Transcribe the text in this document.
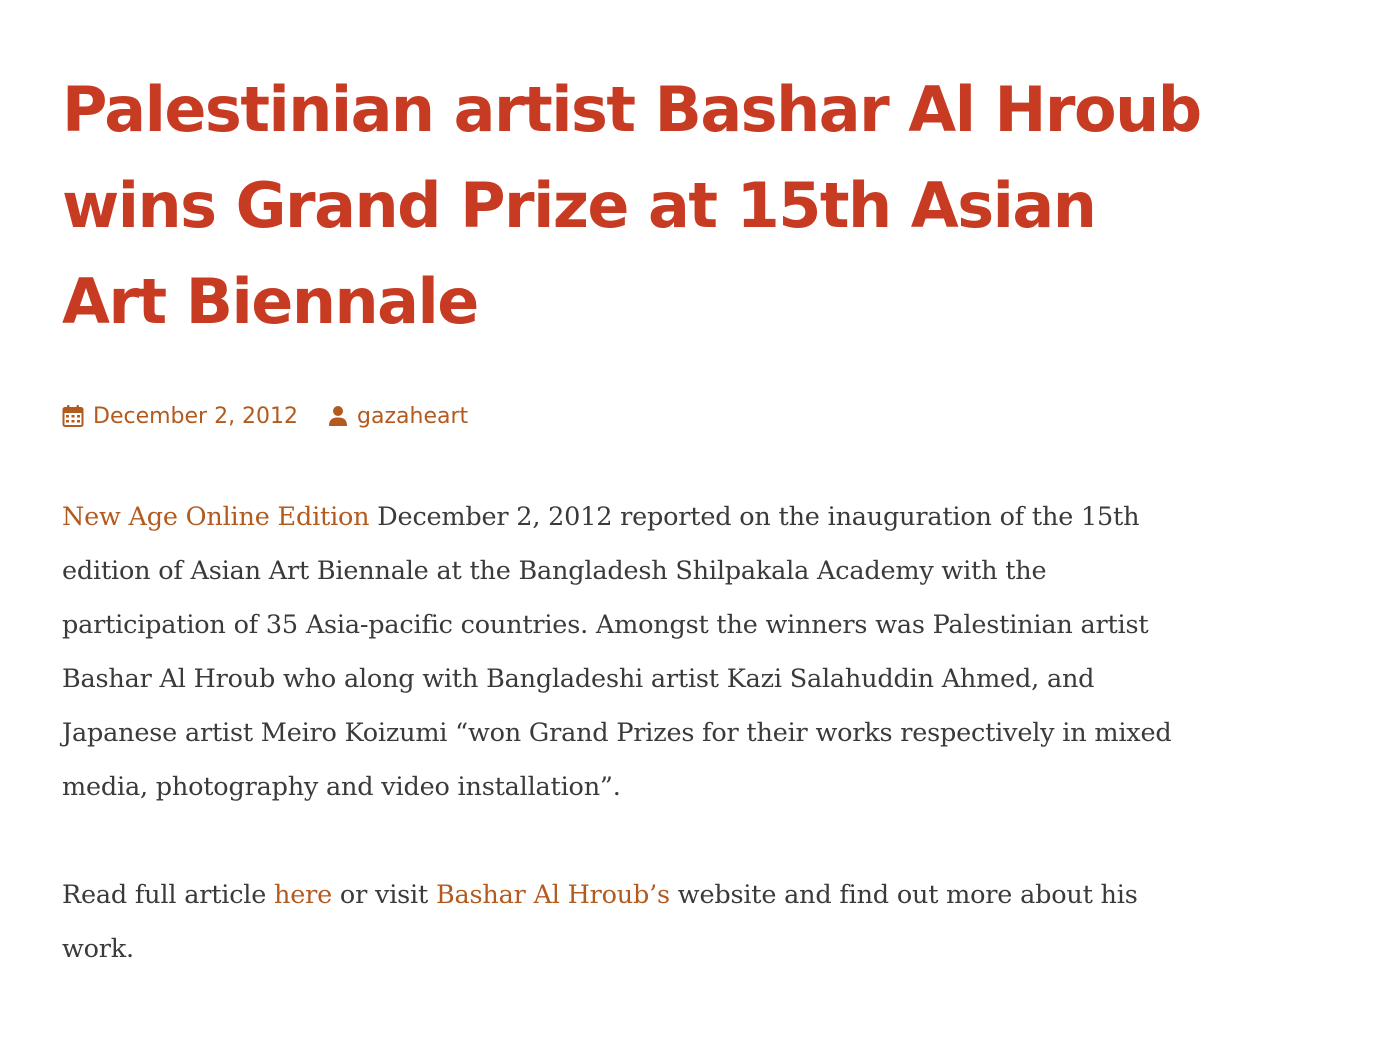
Palestinian artist Bashar Al Hroub
wins Grand Prize at 15th Asian
Art Biennale
December 2, 2012	gazaheart

New Age Online Edition December 2, 2012 reported on the inauguration of the 15th
edition of Asian Art Biennale at the Bangladesh Shilpakala Academy with the
participation of 35 Asia-pacific countries. Amongst the winners was Palestinian artist
Bashar Al Hroub who along with Bangladeshi artist Kazi Salahuddin Ahmed, and
Japanese artist Meiro Koizumi “won Grand Prizes for their works respectively in mixed
media, photography and video installation”.

Read full article here or visit Bashar Al Hroub’s website and find out more about his
work.
